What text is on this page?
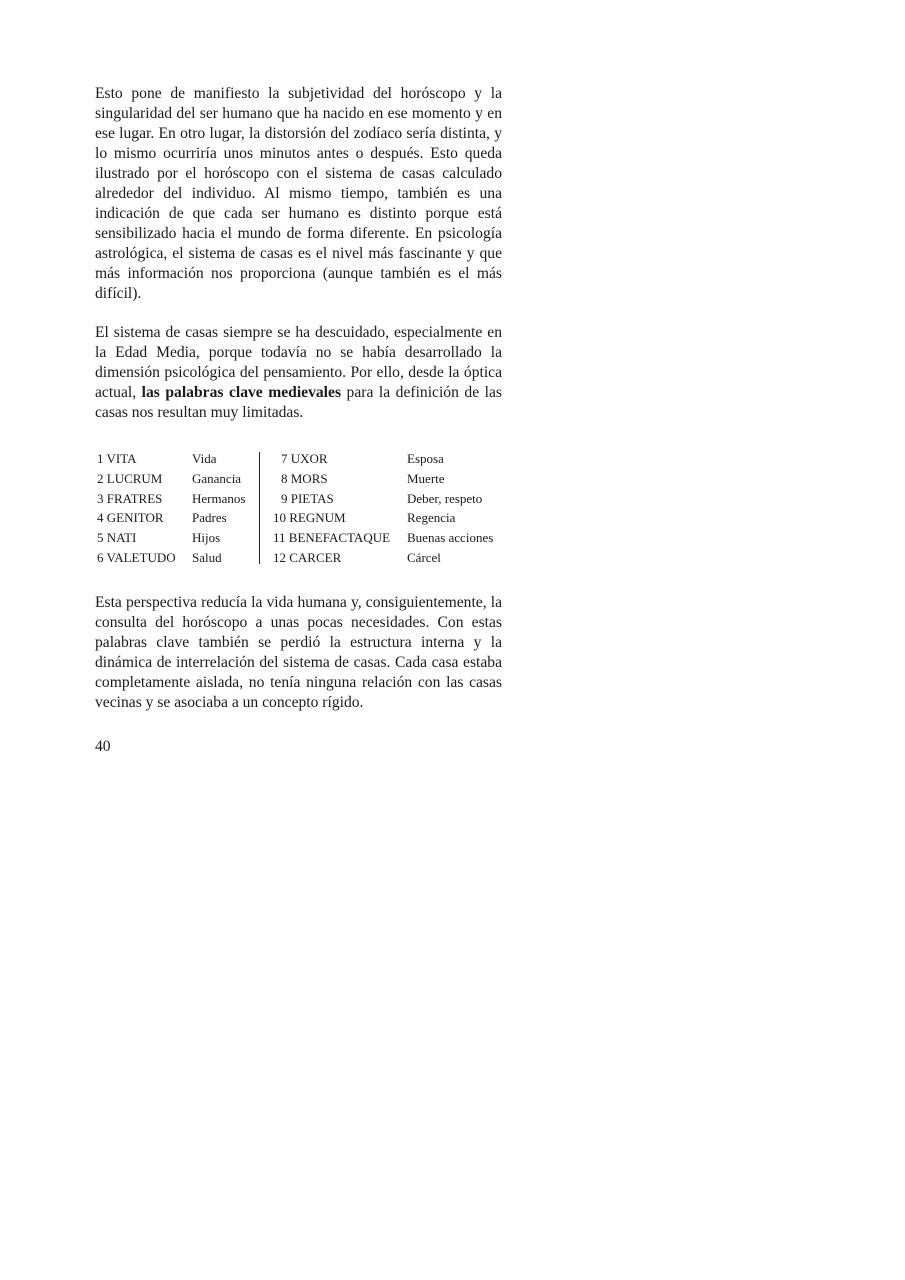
Esto pone de manifiesto la subjetividad del horóscopo y la singularidad del ser humano que ha nacido en ese momento y en ese lugar. En otro lugar, la distorsión del zodíaco sería distinta, y lo mismo ocurriría unos minutos antes o después. Esto queda ilustrado por el horóscopo con el sistema de casas calculado alrededor del individuo. Al mismo tiempo, también es una indicación de que cada ser humano es distinto porque está sensibilizado hacia el mundo de forma diferente. En psicología astrológica, el sistema de casas es el nivel más fascinante y que más información nos proporciona (aunque también es el más difícil).

El sistema de casas siempre se ha descuidado, especialmente en la Edad Media, porque todavía no se había desarrollado la dimensión psicológica del pensamiento. Por ello, desde la óptica actual, las palabras clave medievales para la definición de las casas nos resultan muy limitadas.

1 VITA
2 LUCRUM
3 FRATRES
4 GENITOR
5 NATI
6 VALETUDO
Vida
Ganancia
Hermanos
Padres
Hijos
Salud
7 UXOR
8 MORS
9 PIETAS
10 REGNUM
11 BENEFACTAQUE
12 CARCER
Esposa
Muerte
Deber, respeto
Regencia
Buenas acciones
Cárcel

Esta perspectiva reducía la vida humana y, consiguientemente, la consulta del horóscopo a unas pocas necesidades. Con estas palabras clave también se perdió la estructura interna y la dinámica de interrelación del sistema de casas. Cada casa estaba completamente aislada, no tenía ninguna relación con las casas vecinas y se asociaba a un concepto rígido.

40
